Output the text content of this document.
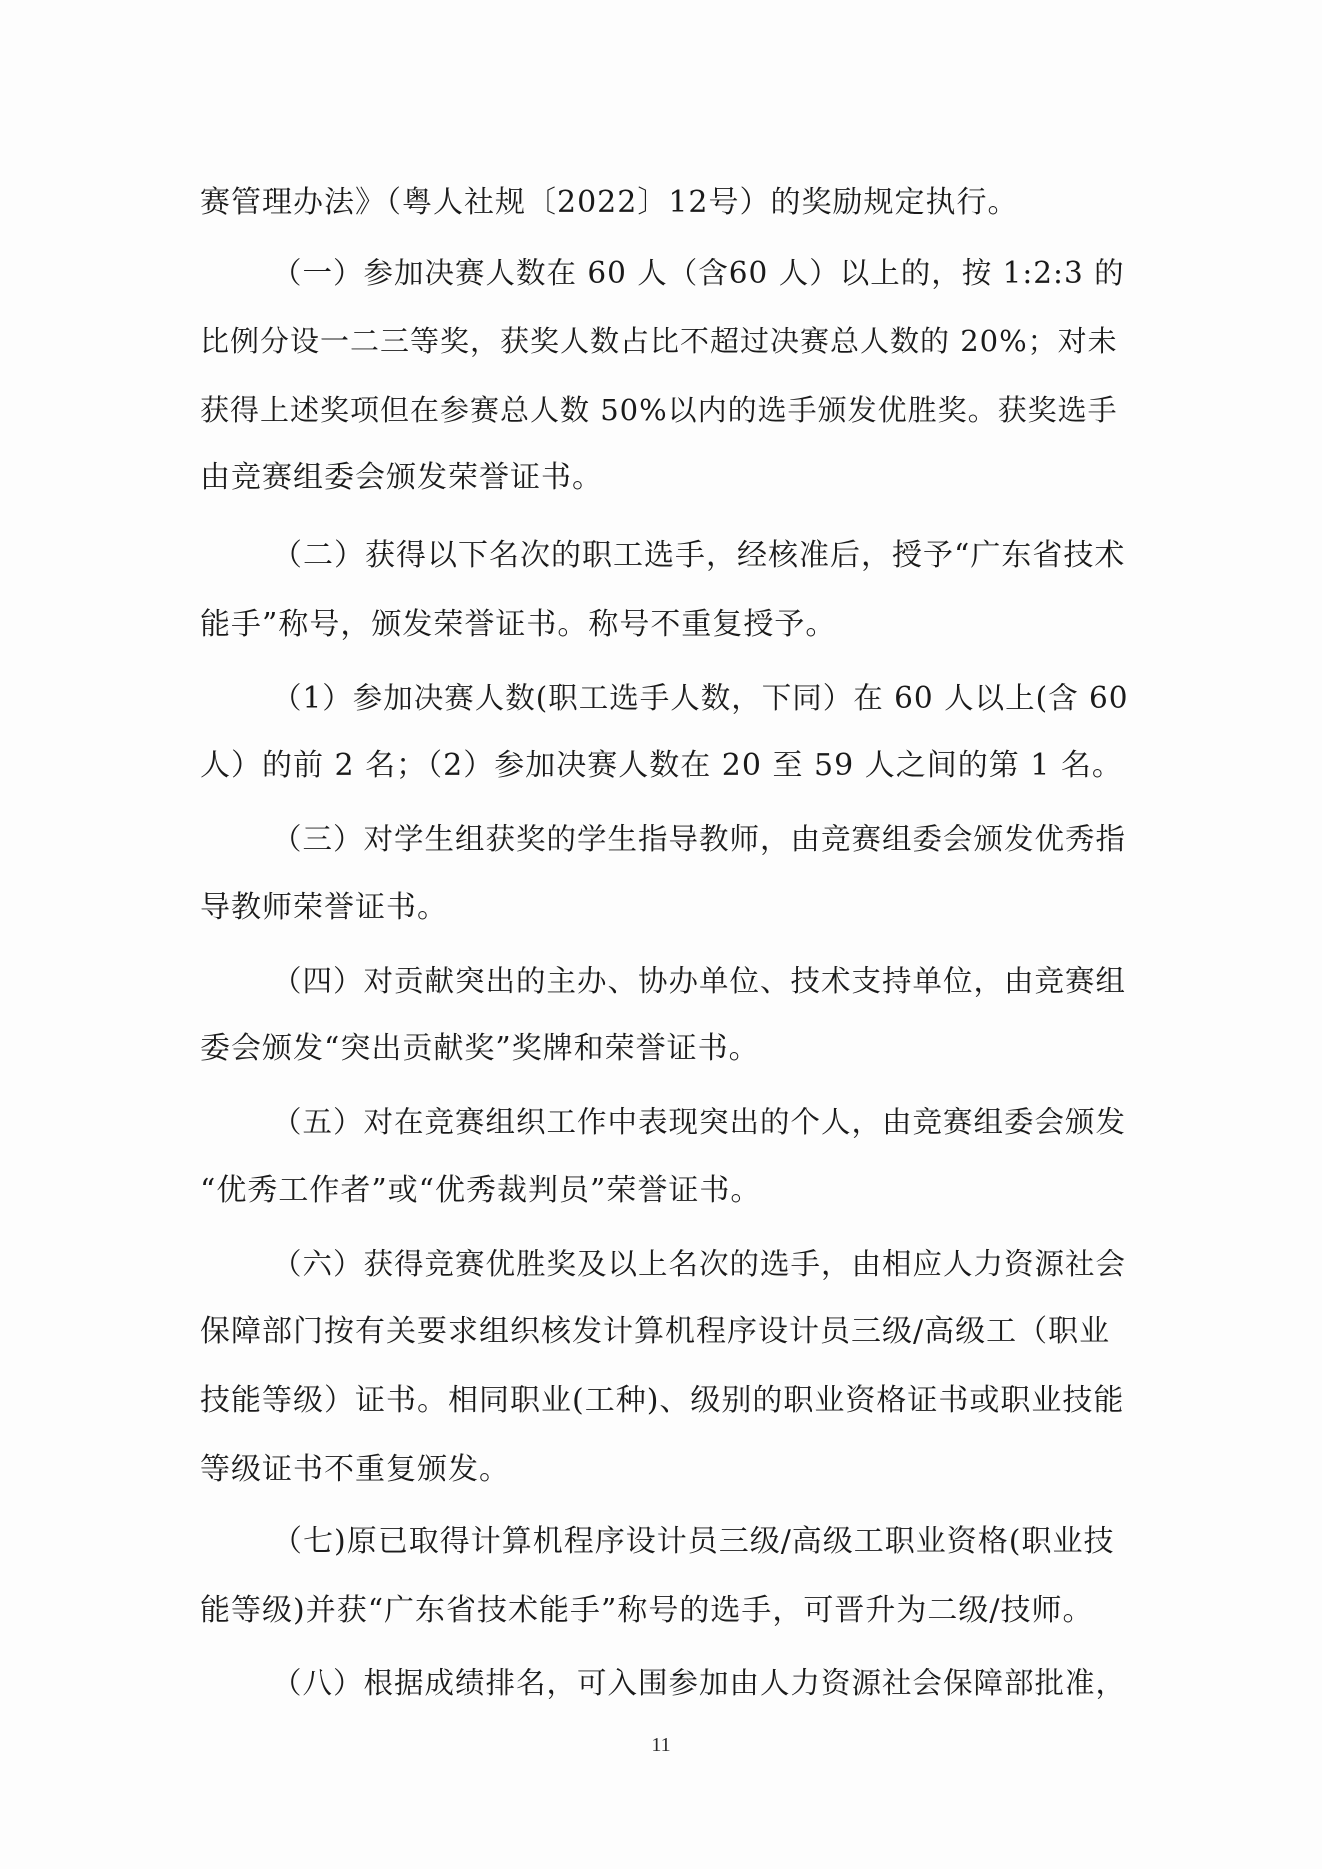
赛管理办法》（粤人社规〔2022〕12号）的奖励规定执行。
（一）参加决赛人数在 60 人（含60 人）以上的，按 1:2:3 的
比例分设一二三等奖，获奖人数占比不超过决赛总人数的 20%；对未
获得上述奖项但在参赛总人数 50%以内的选手颁发优胜奖。获奖选手
由竞赛组委会颁发荣誉证书。
（二）获得以下名次的职工选手，经核准后，授予“广东省技术
能手”称号，颁发荣誉证书。称号不重复授予。
（1）参加决赛人数(职工选手人数，下同）在 60 人以上(含 60
人）的前 2 名；（2）参加决赛人数在 20 至 59 人之间的第 1 名。
（三）对学生组获奖的学生指导教师，由竞赛组委会颁发优秀指
导教师荣誉证书。
（四）对贡献突出的主办、协办单位、技术支持单位，由竞赛组
委会颁发“突出贡献奖”奖牌和荣誉证书。
（五）对在竞赛组织工作中表现突出的个人，由竞赛组委会颁发
“优秀工作者”或“优秀裁判员”荣誉证书。
（六）获得竞赛优胜奖及以上名次的选手，由相应人力资源社会
保障部门按有关要求组织核发计算机程序设计员三级/高级工（职业
技能等级）证书。相同职业(工种)、级别的职业资格证书或职业技能
等级证书不重复颁发。
（七)原已取得计算机程序设计员三级/高级工职业资格(职业技
能等级)并获“广东省技术能手”称号的选手，可晋升为二级/技师。
（八）根据成绩排名，可入围参加由人力资源社会保障部批准，
11
